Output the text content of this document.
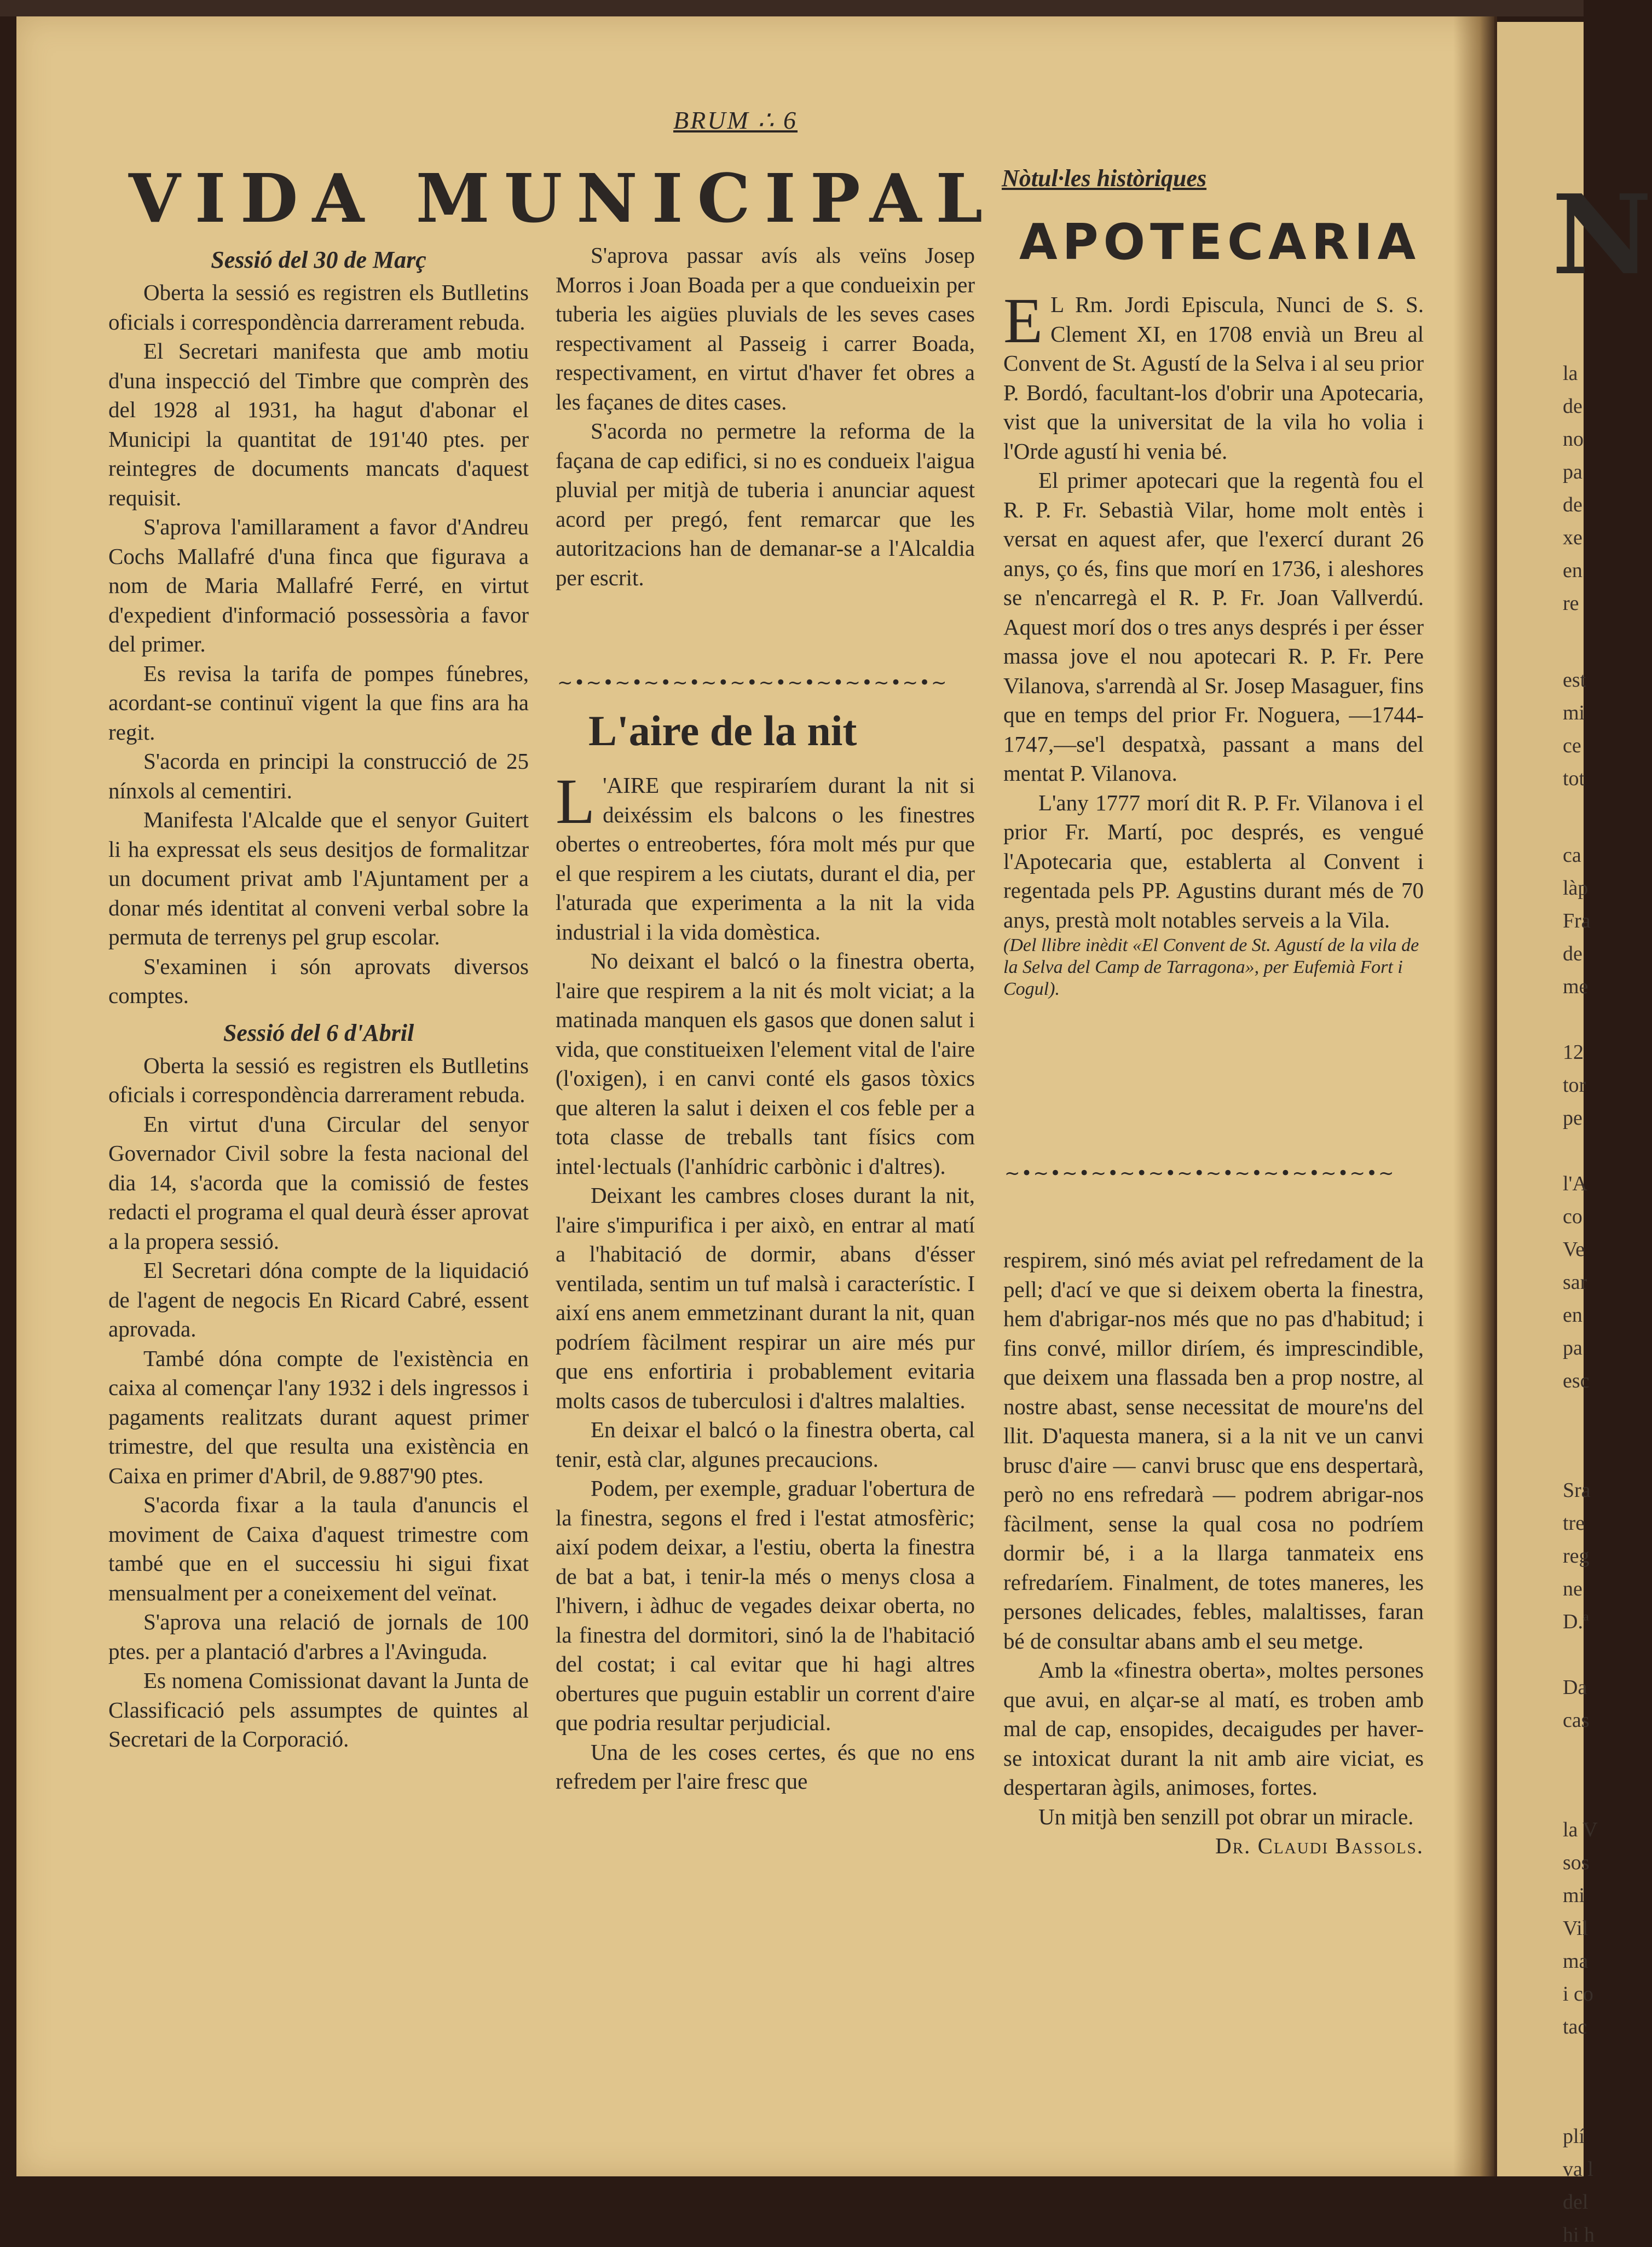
N
la
de
no
pa
de
xe
en
re
est
mi
ce
tot
ca
làp
Fra
de
me
12
tor
pe
l'A
co
Ve
sar
en
pa
esc
Sra
tre
reg
ne
D.ª
Da
cas
la V
sos
mi
Vil
ma
i co
tac
plí
va l
del
hi h
BRUM ∴ 6
VIDA MUNICIPAL
Sessió del 30 de Març

Oberta la sessió es registren els Butlletins oficials i correspondència darrerament rebuda.

El Secretari manifesta que amb motiu d'una inspecció del Timbre que comprèn des del 1928 al 1931, ha hagut d'abonar el Municipi la quantitat de 191'40 ptes. per reintegres de documents mancats d'aquest requisit.

S'aprova l'amillarament a favor d'Andreu Cochs Mallafré d'una finca que figurava a nom de Maria Mallafré Ferré, en virtut d'expedient d'informació possessòria a favor del primer.

Es revisa la tarifa de pompes fúnebres, acordant-se continuï vigent la que fins ara ha regit.

S'acorda en principi la construcció de 25 nínxols al cementiri.

Manifesta l'Alcalde que el senyor Guitert li ha expressat els seus desitjos de formalitzar un document privat amb l'Ajuntament per a donar més identitat al conveni verbal sobre la permuta de terrenys pel grup escolar.

S'examinen i són aprovats diversos comptes.

Sessió del 6 d'Abril

Oberta la sessió es registren els Butlletins oficials i correspondència darrerament rebuda.

En virtut d'una Circular del senyor Governador Civil sobre la festa nacional del dia 14, s'acorda que la comissió de festes redacti el programa el qual deurà ésser aprovat a la propera sessió.

El Secretari dóna compte de la liquidació de l'agent de negocis En Ricard Cabré, essent aprovada.

També dóna compte de l'existència en caixa al començar l'any 1932 i dels ingressos i pagaments realitzats durant aquest primer trimestre, del que resulta una existència en Caixa en primer d'Abril, de 9.887'90 ptes.

S'acorda fixar a la taula d'anuncis el moviment de Caixa d'aquest trimestre com també que en el successiu hi sigui fixat mensualment per a coneixement del veïnat.

S'aprova una relació de jornals de 100 ptes. per a plantació d'arbres a l'Avinguda.

Es nomena Comissionat davant la Junta de Classificació pels assumptes de quintes al Secretari de la Corporació.

S'aprova passar avís als veïns Josep Morros i Joan Boada per a que condueixin per tuberia les aigües pluvials de les seves cases respectivament al Passeig i carrer Boada, respectivament, en virtut d'haver fet obres a les façanes de dites cases.

S'acorda no permetre la reforma de la façana de cap edifici, si no es condueix l'aigua pluvial per mitjà de tuberia i anunciar aquest acord per pregó, fent remarcar que les autoritzacions han de demanar-se a l'Alcaldia per escrit.

~•~•~•~•~•~•~•~•~•~•~•~•~•~
L'aire de la nit

L 'AIRE que respiraríem durant la nit si deixéssim els balcons o les finestres obertes o entreobertes, fóra molt més pur que el que respirem a les ciutats, durant el dia, per l'aturada que experimenta a la nit la vida industrial i la vida domèstica.

No deixant el balcó o la finestra oberta, l'aire que respirem a la nit és molt viciat; a la matinada manquen els gasos que donen salut i vida, que constitueixen l'element vital de l'aire (l'oxigen), i en canvi conté els gasos tòxics que alteren la salut i deixen el cos feble per a tota classe de treballs tant físics com intel·lectuals (l'anhídric carbònic i d'altres).

Deixant les cambres closes durant la nit, l'aire s'impurifica i per això, en entrar al matí a l'habitació de dormir, abans d'ésser ventilada, sentim un tuf malsà i característic. I així ens anem emmetzinant durant la nit, quan podríem fàcilment respirar un aire més pur que ens enfortiria i probablement evitaria molts casos de tuberculosi i d'altres malalties.

En deixar el balcó o la finestra oberta, cal tenir, està clar, algunes precaucions.

Podem, per exemple, graduar l'obertura de la finestra, segons el fred i l'estat atmosfèric; així podem deixar, a l'estiu, oberta la finestra de bat a bat, i tenir-la més o menys closa a l'hivern, i àdhuc de vegades deixar oberta, no la finestra del dormitori, sinó la de l'habitació del costat; i cal evitar que hi hagi altres obertures que puguin establir un corrent d'aire que podria resultar perjudicial.

Una de les coses certes, és que no ens refredem per l'aire fresc que

Nòtul·les històriques
APOTECARIA

E L Rm. Jordi Episcula, Nunci de S. S. Clement XI, en 1708 envià un Breu al Convent de St. Agustí de la Selva i al seu prior P. Bordó, facultant-los d'obrir una Apotecaria, vist que la universitat de la vila ho volia i l'Orde agustí hi venia bé.

El primer apotecari que la regentà fou el R. P. Fr. Sebastià Vilar, home molt entès i versat en aquest afer, que l'exercí durant 26 anys, ço és, fins que morí en 1736, i aleshores se n'encarregà el R. P. Fr. Joan Vallverdú. Aquest morí dos o tres anys després i per ésser massa jove el nou apotecari R. P. Fr. Pere Vilanova, s'arrendà al Sr. Josep Masaguer, fins que en temps del prior Fr. Noguera, —1744-1747,—se'l despatxà, passant a mans del mentat P. Vilanova.

L'any 1777 morí dit R. P. Fr. Vilanova i el prior Fr. Martí, poc després, es vengué l'Apotecaria que, establerta al Convent i regentada pels PP. Agustins durant més de 70 anys, prestà molt notables serveis a la Vila.

(Del llibre inèdit «El Convent de St. Agustí de la vila de la Selva del Camp de Tarragona», per Eufemià Fort i Cogul).

~•~•~•~•~•~•~•~•~•~•~•~•~•~

respirem, sinó més aviat pel refredament de la pell; d'ací ve que si deixem oberta la finestra, hem d'abrigar-nos més que no pas d'habitud; i fins convé, millor diríem, és imprescindible, que deixem una flassada ben a prop nostre, al nostre abast, sense necessitat de moure'ns del llit. D'aquesta manera, si a la nit ve un canvi brusc d'aire — canvi brusc que ens despertarà, però no ens refredarà — podrem abrigar-nos fàcilment, sense la qual cosa no podríem dormir bé, i a la llarga tanmateix ens refredaríem. Finalment, de totes maneres, les persones delicades, febles, malaltisses, faran bé de consultar abans amb el seu metge.

Amb la «finestra oberta», moltes persones que avui, en alçar-se al matí, es troben amb mal de cap, ensopides, decaigudes per haver-se intoxicat durant la nit amb aire viciat, es despertaran àgils, animoses, fortes.

Un mitjà ben senzill pot obrar un miracle.

Dr. Claudi Bassols.
